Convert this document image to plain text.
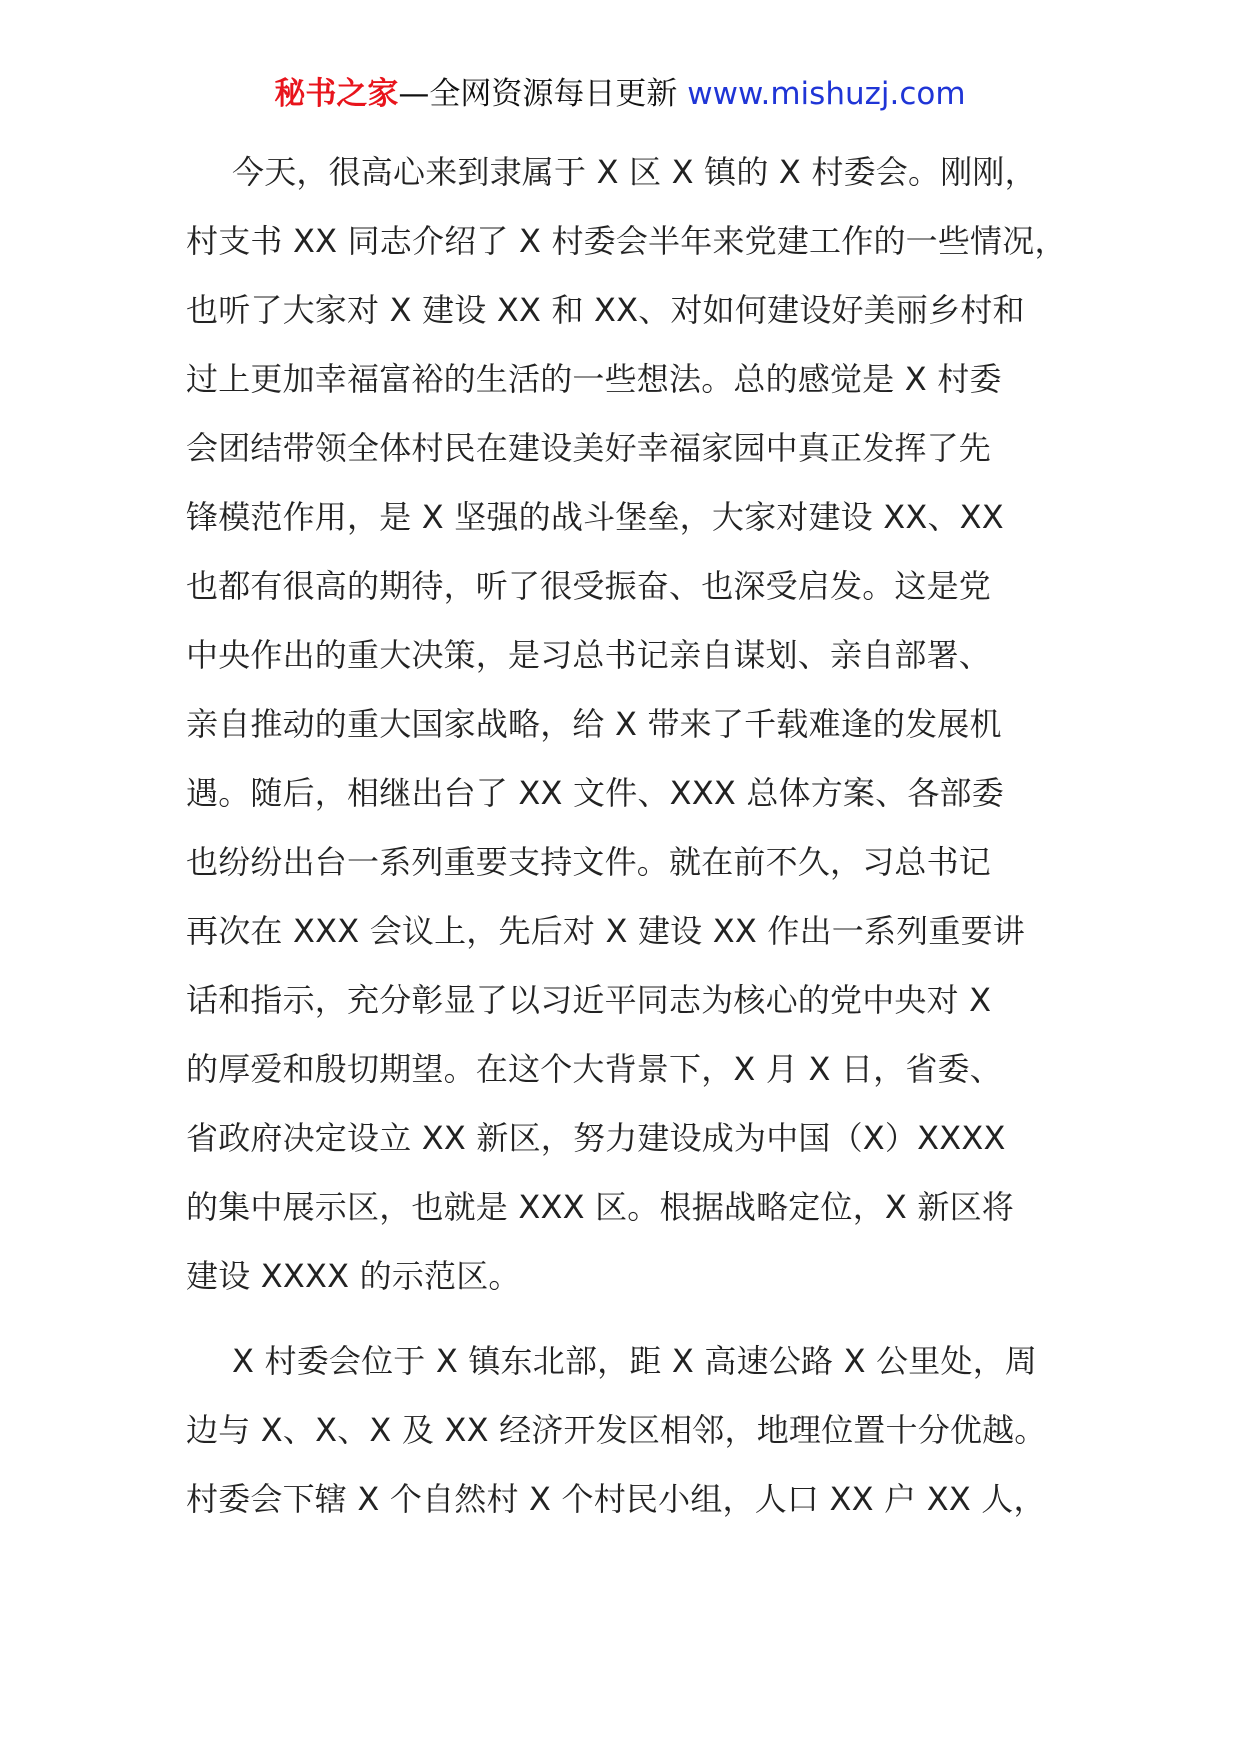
秘书之家—全网资源每日更新 www.mishuzj.com
今天，很高心来到隶属于 X 区 X 镇的 X 村委会。刚刚，
村支书 XX 同志介绍了 X 村委会半年来党建工作的一些情况，
也听了大家对 X 建设 XX 和 XX、对如何建设好美丽乡村和
过上更加幸福富裕的生活的一些想法。总的感觉是 X 村委
会团结带领全体村民在建设美好幸福家园中真正发挥了先
锋模范作用，是 X 坚强的战斗堡垒，大家对建设 XX、XX
也都有很高的期待，听了很受振奋、也深受启发。这是党
中央作出的重大决策，是习总书记亲自谋划、亲自部署、
亲自推动的重大国家战略，给 X 带来了千载难逢的发展机
遇。随后，相继出台了 XX 文件、XXX 总体方案、各部委
也纷纷出台一系列重要支持文件。就在前不久，习总书记
再次在 XXX 会议上，先后对 X 建设 XX 作出一系列重要讲
话和指示，充分彰显了以习近平同志为核心的党中央对 X
的厚爱和殷切期望。在这个大背景下，X 月 X 日，省委、
省政府决定设立 XX 新区，努力建设成为中国（X）XXXX
的集中展示区，也就是 XXX 区。根据战略定位，X 新区将
建设 XXXX 的示范区。
X 村委会位于 X 镇东北部，距 X 高速公路 X 公里处，周
边与 X、X、X 及 XX 经济开发区相邻，地理位置十分优越。
村委会下辖 X 个自然村 X 个村民小组，人口 XX 户 XX 人，
